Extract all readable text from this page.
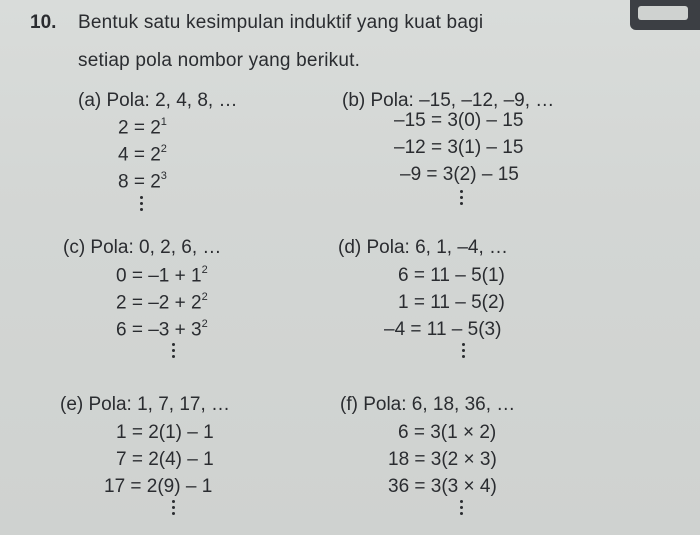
10. Bentuk satu kesimpulan induktif yang kuat bagi
setiap pola nombor yang berikut.
(a) Pola: 2, 4, 8, …
$2 = 2^1$
$4 = 2^2$
$8 = 2^3$
(b) Pola: –15, –12, –9, …
–15 = 3(0) – 15
–12 = 3(1) – 15
–9 = 3(2) – 15
(c) Pola: 0, 2, 6, …
$0 = -1 + 1^2$
$2 = -2 + 2^2$
$6 = -3 + 3^2$
(d) Pola: 6, 1, –4, …
6 = 11 – 5(1)
1 = 11 – 5(2)
–4 = 11 – 5(3)
(e) Pola: 1, 7, 17, …
1 = 2(1) – 1
7 = 2(4) – 1
17 = 2(9) – 1
(f) Pola: 6, 18, 36, …
6 = 3(1 × 2)
18 = 3(2 × 3)
36 = 3(3 × 4)
